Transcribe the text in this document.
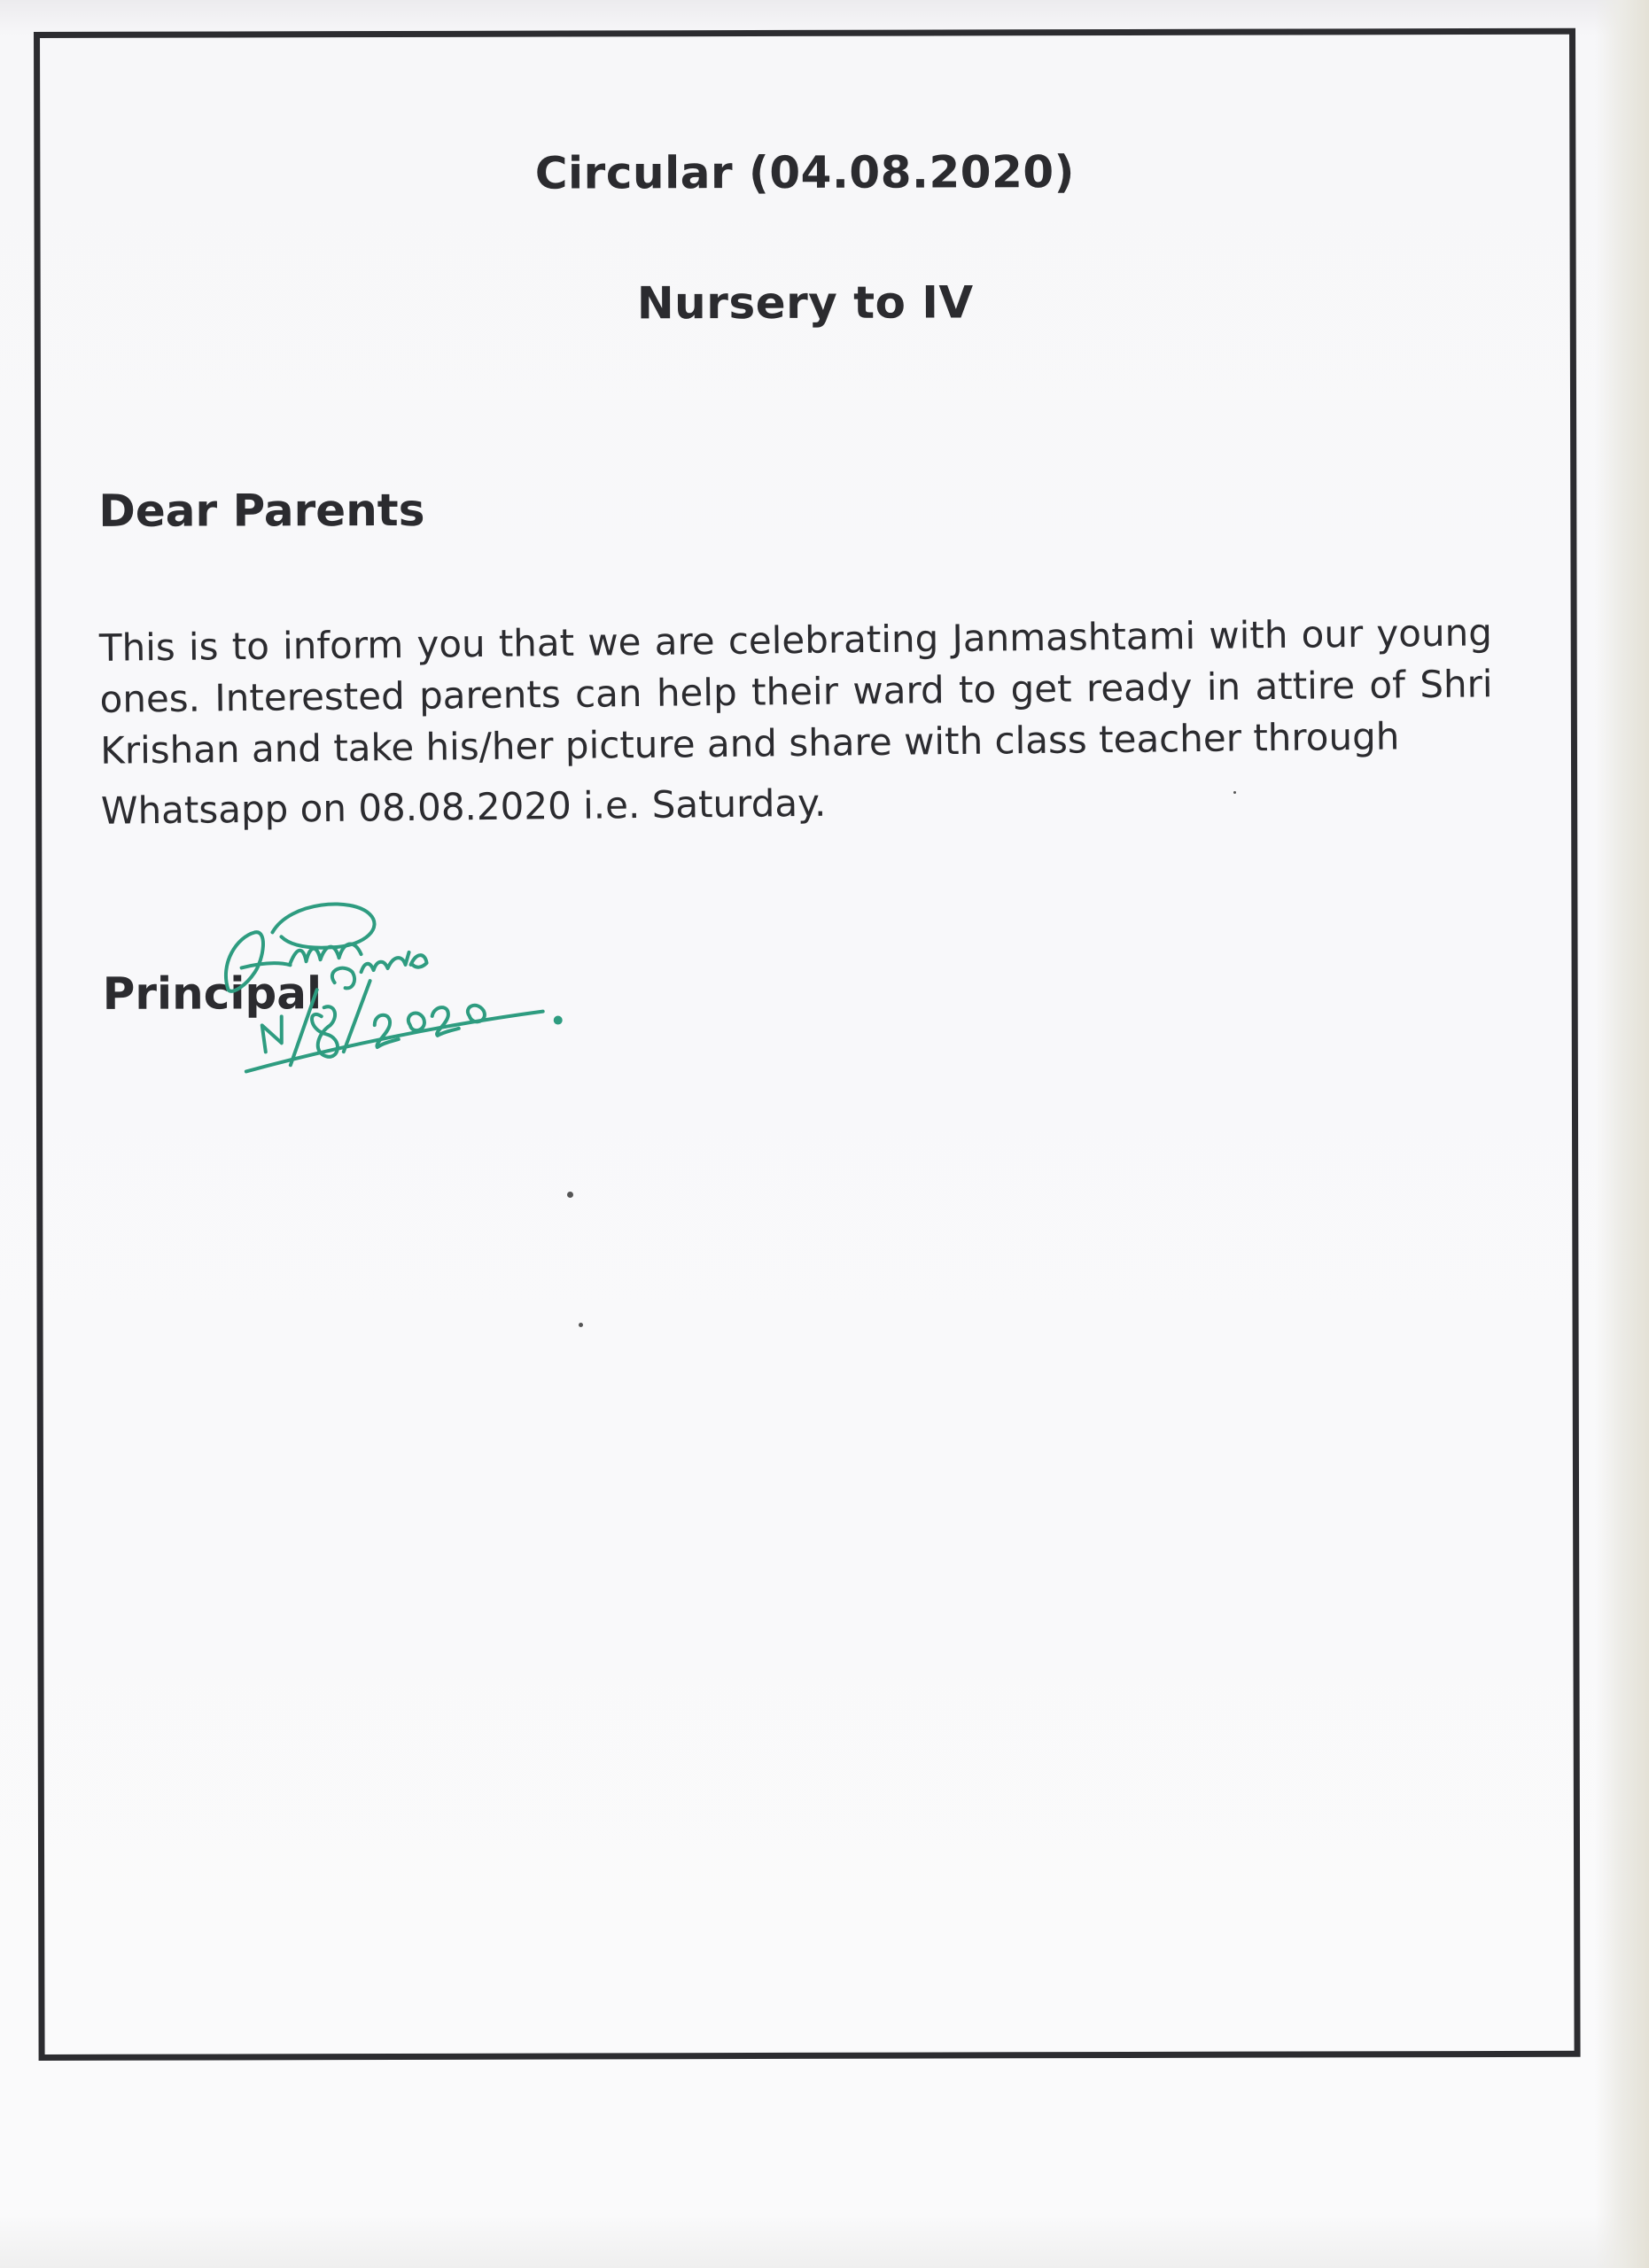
Circular (04.08.2020)
Nursery to IV
Dear Parents
This is to inform you that we are celebrating Janmashtami with our young ones. Interested parents can help their ward to get ready in attire of Shri Krishan and take his/her picture and share with class teacher through
Whatsapp on 08.08.2020 i.e. Saturday.
Principal
